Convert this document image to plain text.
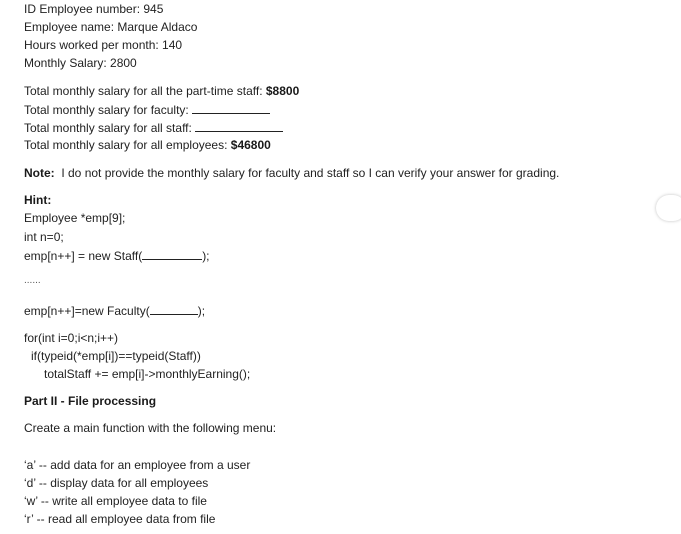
ID Employee number: 945
Employee name: Marque Aldaco
Hours worked per month: 140
Monthly Salary: 2800
Total monthly salary for all the part-time staff: $8800
Total monthly salary for faculty:
Total monthly salary for all staff:
Total monthly salary for all employees: $46800
Note:  I do not provide the monthly salary for faculty and staff so I can verify your answer for grading.
Hint:
Employee *emp[9];
int n=0;
emp[n++] = new Staff(	);
......
emp[n++]=new Faculty(	);
for(int i=0;i<n;i++)
if(typeid(*emp[i])==typeid(Staff))
totalStaff += emp[i]->monthlyEarning();
Part II - File processing
Create a main function with the following menu:
‘a’ -- add data for an employee from a user
‘d’ -- display data for all employees
‘w’ -- write all employee data to file
‘r’ -- read all employee data from file
